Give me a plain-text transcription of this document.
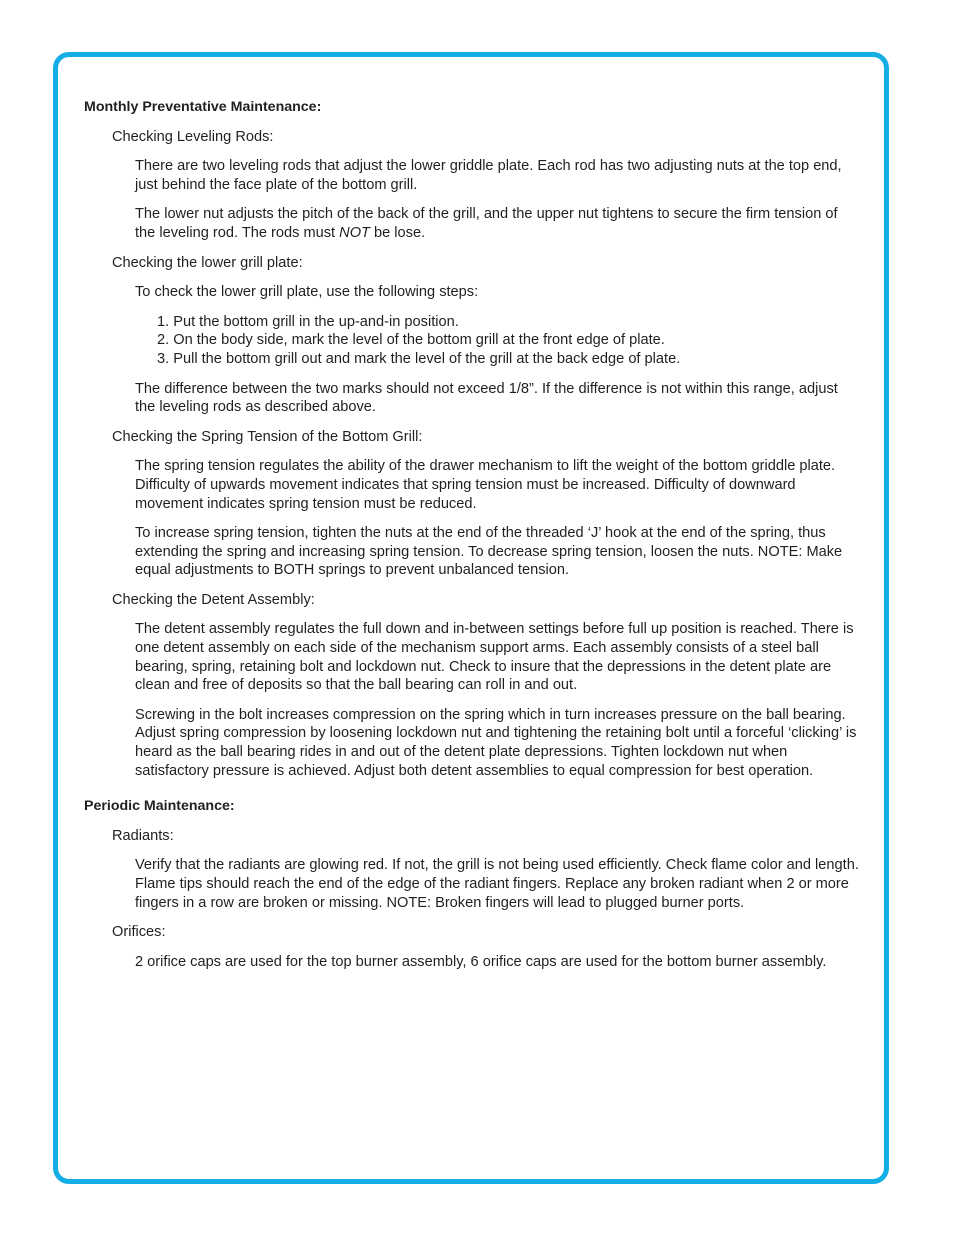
Monthly Preventative Maintenance:
Checking Leveling Rods:
There are two leveling rods that adjust the lower griddle plate. Each rod has two adjusting nuts at the top end, just behind the face plate of the bottom grill.
The lower nut adjusts the pitch of the back of the grill, and the upper nut tightens to secure the firm tension of the leveling rod. The rods must NOT be lose.
Checking the lower grill plate:
To check the lower grill plate, use the following steps:
1. Put the bottom grill in the up-and-in position.
2. On the body side, mark the level of the bottom grill at the front edge of plate.
3. Pull the bottom grill out and mark the level of the grill at the back edge of plate.
The difference between the two marks should not exceed 1/8”. If the difference is not within this range, adjust the leveling rods as described above.
Checking the Spring Tension of the Bottom Grill:
The spring tension regulates the ability of the drawer mechanism to lift the weight of the bottom griddle plate. Difficulty of upwards movement indicates that spring tension must be increased. Difficulty of downward movement indicates spring tension must be reduced.
To increase spring tension, tighten the nuts at the end of the threaded ‘J’ hook at the end of the spring, thus extending the spring and increasing spring tension. To decrease spring tension, loosen the nuts. NOTE: Make equal adjustments to BOTH springs to prevent unbalanced tension.
Checking the Detent Assembly:
The detent assembly regulates the full down and in-between settings before full up position is reached. There is one detent assembly on each side of the mechanism support arms. Each assembly consists of a steel ball bearing, spring, retaining bolt and lockdown nut. Check to insure that the depressions in the detent plate are clean and free of deposits so that the ball bearing can roll in and out.
Screwing in the bolt increases compression on the spring which in turn increases pressure on the ball bearing. Adjust spring compression by loosening lockdown nut and tightening the retaining bolt until a forceful ‘clicking’ is heard as the ball bearing rides in and out of the detent plate depressions. Tighten lockdown nut when satisfactory pressure is achieved. Adjust both detent assemblies to equal compression for best operation.
Periodic Maintenance:
Radiants:
Verify that the radiants are glowing red. If not, the grill is not being used efficiently. Check flame color and length. Flame tips should reach the end of the edge of the radiant fingers. Replace any broken radiant when 2 or more fingers in a row are broken or missing. NOTE: Broken fingers will lead to plugged burner ports.
Orifices:
2 orifice caps are used for the top burner assembly, 6 orifice caps are used for the bottom burner assembly.
